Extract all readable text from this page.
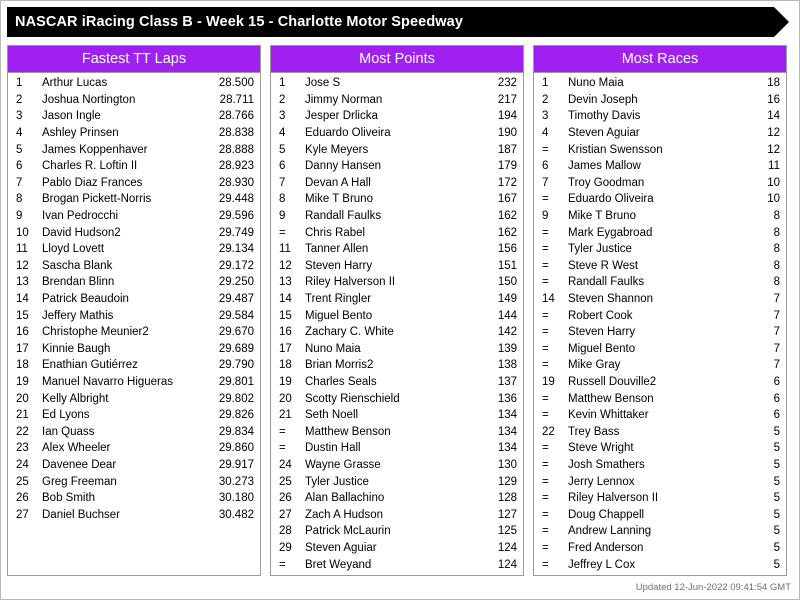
NASCAR iRacing Class B - Week 15 - Charlotte Motor Speedway
Fastest TT Laps
1	Arthur Lucas	28.500
2	Joshua Nortington	28.711
3	Jason Ingle	28.766
4	Ashley Prinsen	28.838
5	James Koppenhaver	28.888
6	Charles R. Loftin II	28.923
7	Pablo Diaz Frances	28.930
8	Brogan Pickett-Norris	29.448
9	Ivan Pedrocchi	29.596
10	David Hudson2	29.749
11	Lloyd Lovett	29.134
12	Sascha Blank	29.172
13	Brendan Blinn	29.250
14	Patrick Beaudoin	29.487
15	Jeffery Mathis	29.584
16	Christophe Meunier2	29.670
17	Kinnie Baugh	29.689
18	Enathian Gutiérrez	29.790
19	Manuel Navarro Higueras	29.801
20	Kelly Albright	29.802
21	Ed Lyons	29.826
22	Ian Quass	29.834
23	Alex Wheeler	29.860
24	Davenee Dear	29.917
25	Greg Freeman	30.273
26	Bob Smith	30.180
27	Daniel Buchser	30.482
Most Points
1	Jose S	232
2	Jimmy Norman	217
3	Jesper Drlicka	194
4	Eduardo Oliveira	190
5	Kyle Meyers	187
6	Danny Hansen	179
7	Devan A Hall	172
8	Mike T Bruno	167
9	Randall Faulks	162
=	Chris Rabel	162
11	Tanner Allen	156
12	Steven Harry	151
13	Riley Halverson II	150
14	Trent Ringler	149
15	Miguel Bento	144
16	Zachary C. White	142
17	Nuno Maia	139
18	Brian Morris2	138
19	Charles Seals	137
20	Scotty Rienschield	136
21	Seth Noell	134
=	Matthew Benson	134
=	Dustin Hall	134
24	Wayne Grasse	130
25	Tyler Justice	129
26	Alan Ballachino	128
27	Zach A Hudson	127
28	Patrick McLaurin	125
29	Steven Aguiar	124
=	Bret Weyand	124
Most Races
1	Nuno Maia	18
2	Devin Joseph	16
3	Timothy Davis	14
4	Steven Aguiar	12
=	Kristian Swensson	12
6	James Mallow	11
7	Troy Goodman	10
=	Eduardo Oliveira	10
9	Mike T Bruno	8
=	Mark Eygabroad	8
=	Tyler Justice	8
=	Steve R West	8
=	Randall Faulks	8
14	Steven Shannon	7
=	Robert Cook	7
=	Steven Harry	7
=	Miguel Bento	7
=	Mike Gray	7
19	Russell Douville2	6
=	Matthew Benson	6
=	Kevin Whittaker	6
22	Trey Bass	5
=	Steve Wright	5
=	Josh Smathers	5
=	Jerry Lennox	5
=	Riley Halverson II	5
=	Doug Chappell	5
=	Andrew Lanning	5
=	Fred Anderson	5
=	Jeffrey L Cox	5
Updated 12-Jun-2022 09:41:54 GMT
